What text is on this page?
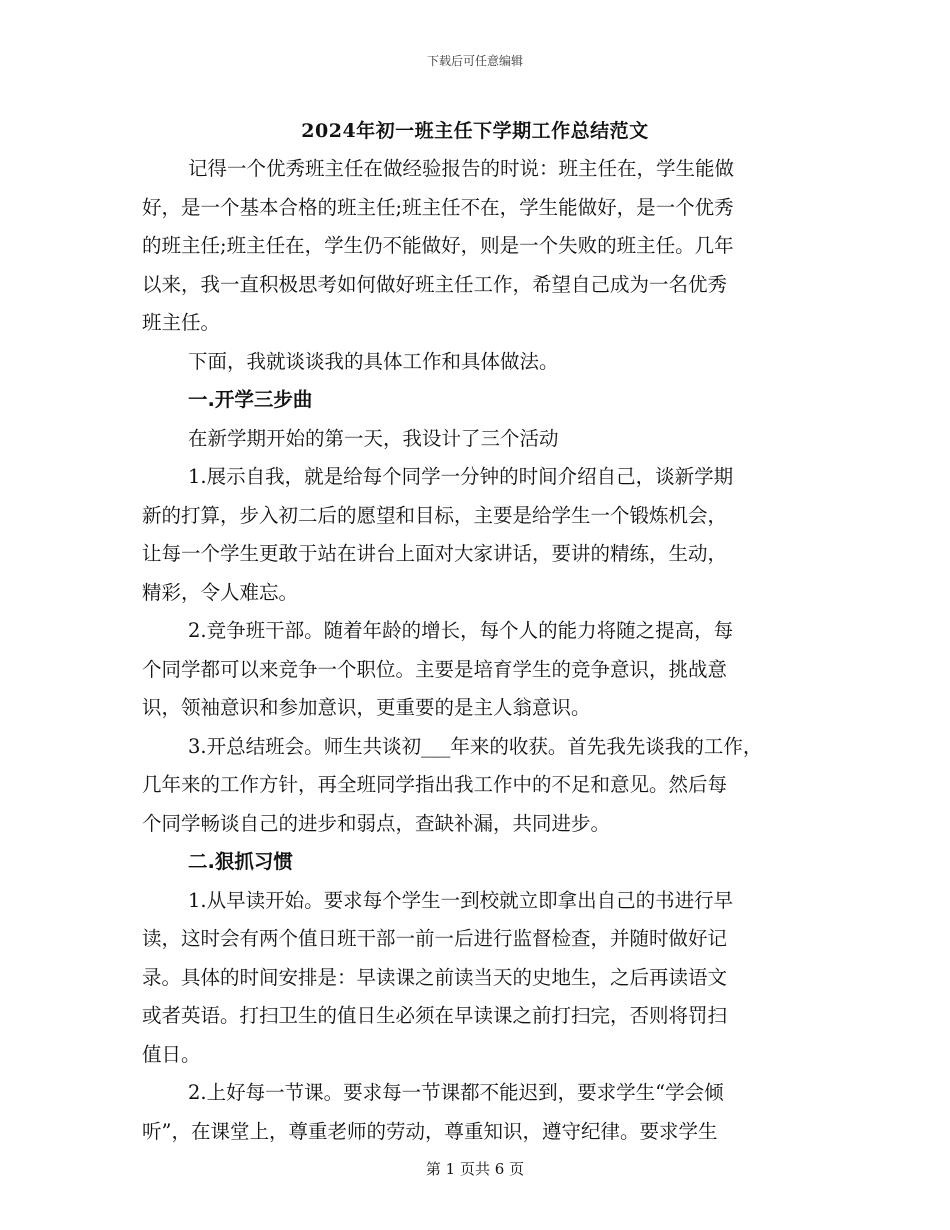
下载后可任意编辑
2024年初一班主任下学期工作总结范文
记得一个优秀班主任在做经验报告的时说：班主任在，学生能做
好，是一个基本合格的班主任;班主任不在，学生能做好，是一个优秀
的班主任;班主任在，学生仍不能做好，则是一个失败的班主任。几年
以来，我一直积极思考如何做好班主任工作，希望自己成为一名优秀
班主任。
下面，我就谈谈我的具体工作和具体做法。
一.开学三步曲
在新学期开始的第一天，我设计了三个活动
1.展示自我，就是给每个同学一分钟的时间介绍自己，谈新学期
新的打算，步入初二后的愿望和目标，主要是给学生一个锻炼机会，
让每一个学生更敢于站在讲台上面对大家讲话，要讲的精练，生动，
精彩，令人难忘。
2.竞争班干部。随着年龄的增长，每个人的能力将随之提高，每
个同学都可以来竞争一个职位。主要是培育学生的竞争意识，挑战意
识，领袖意识和参加意识，更重要的是主人翁意识。
3.开总结班会。师生共谈初___年来的收获。首先我先谈我的工作，
几年来的工作方针，再全班同学指出我工作中的不足和意见。然后每
个同学畅谈自己的进步和弱点，查缺补漏，共同进步。
二.狠抓习惯
1.从早读开始。要求每个学生一到校就立即拿出自己的书进行早
读，这时会有两个值日班干部一前一后进行监督检查，并随时做好记
录。具体的时间安排是：早读课之前读当天的史地生，之后再读语文
或者英语。打扫卫生的值日生必须在早读课之前打扫完，否则将罚扫
值日。
2.上好每一节课。要求每一节课都不能迟到，要求学生“学会倾
听”，在课堂上，尊重老师的劳动，尊重知识，遵守纪律。要求学生
第 1 页共 6 页
